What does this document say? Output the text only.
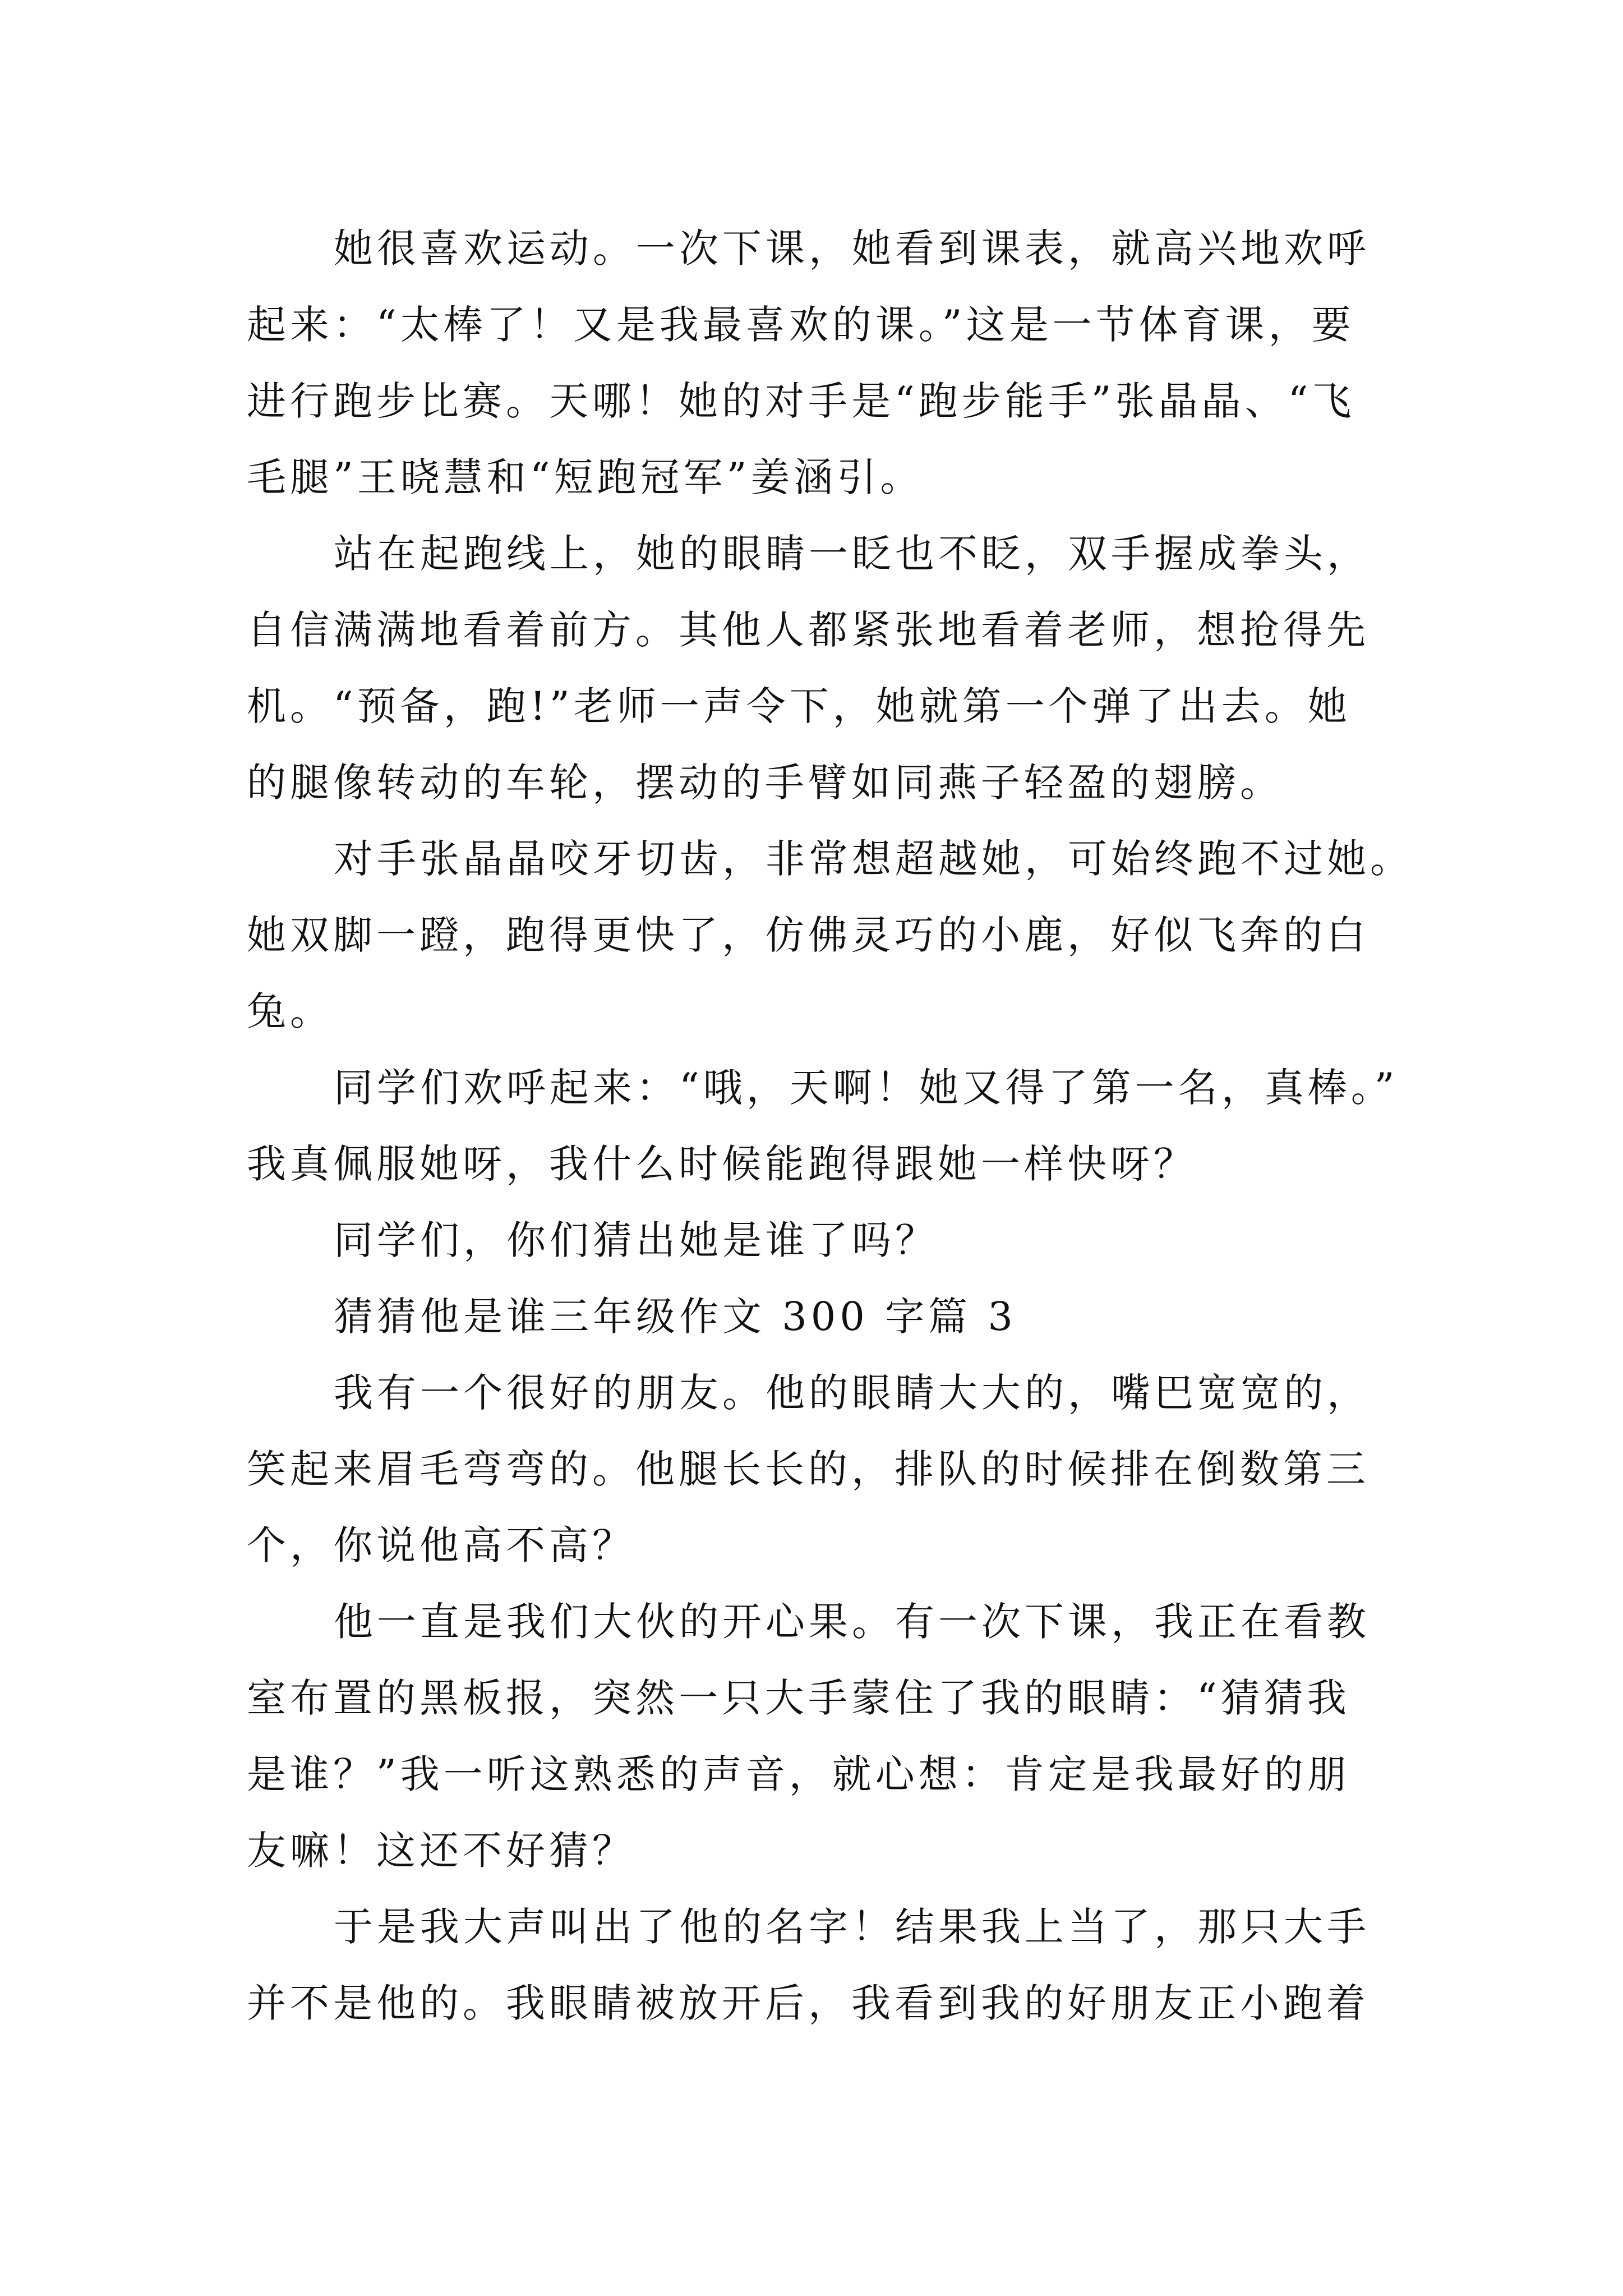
她很喜欢运动。一次下课，她看到课表，就高兴地欢呼
起来：“太棒了！又是我最喜欢的课。”这是一节体育课，要
进行跑步比赛。天哪！她的对手是“跑步能手”张晶晶、“飞
毛腿”王晓慧和“短跑冠军”姜涵引。
站在起跑线上，她的眼睛一眨也不眨，双手握成拳头，
自信满满地看着前方。其他人都紧张地看着老师，想抢得先
机。“预备，跑!”老师一声令下，她就第一个弹了出去。她
的腿像转动的车轮，摆动的手臂如同燕子轻盈的翅膀。
对手张晶晶咬牙切齿，非常想超越她，可始终跑不过她。
她双脚一蹬，跑得更快了，仿佛灵巧的小鹿，好似飞奔的白
兔。
同学们欢呼起来：“哦，天啊！她又得了第一名，真棒。”
我真佩服她呀，我什么时候能跑得跟她一样快呀？
同学们，你们猜出她是谁了吗？
猜猜他是谁三年级作文 300 字篇 3
我有一个很好的朋友。他的眼睛大大的，嘴巴宽宽的，
笑起来眉毛弯弯的。他腿长长的，排队的时候排在倒数第三
个，你说他高不高？
他一直是我们大伙的开心果。有一次下课，我正在看教
室布置的黑板报，突然一只大手蒙住了我的眼睛：“猜猜我
是谁？”我一听这熟悉的声音，就心想：肯定是我最好的朋
友嘛！这还不好猜？
于是我大声叫出了他的名字！结果我上当了，那只大手
并不是他的。我眼睛被放开后，我看到我的好朋友正小跑着
